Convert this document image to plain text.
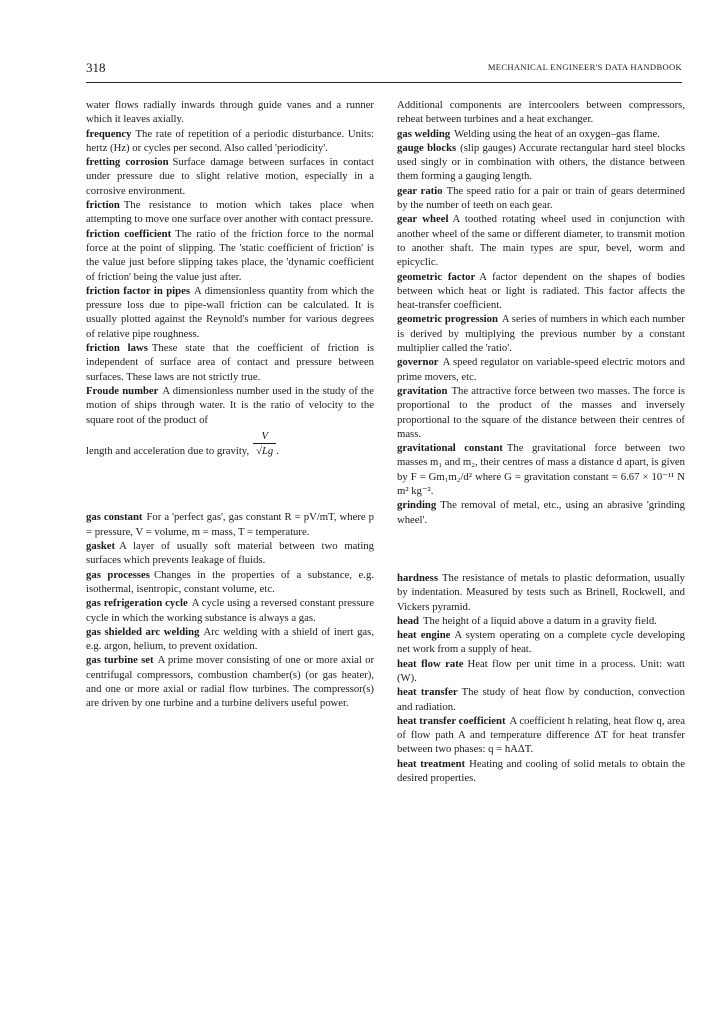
318	MECHANICAL ENGINEER'S DATA HANDBOOK

water flows radially inwards through guide vanes and a runner which it leaves axially.

frequency The rate of repetition of a periodic disturbance. Units: hertz (Hz) or cycles per second. Also called 'periodicity'.

fretting corrosion Surface damage between surfaces in contact under pressure due to slight relative motion, especially in a corrosive environment.

friction The resistance to motion which takes place when attempting to move one surface over another with contact pressure.

friction coefficient The ratio of the friction force to the normal force at the point of slipping. The 'static coefficient of friction' is the value just before slipping takes place, the 'dynamic coefficient of friction' being the value just after.

friction factor in pipes A dimensionless quantity from which the pressure loss due to pipe-wall friction can be calculated. It is usually plotted against the Reynold's number for various degrees of relative pipe roughness.

friction laws These state that the coefficient of friction is independent of surface area of contact and pressure between surfaces. These laws are not strictly true.

Froude number A dimensionless number used in the study of the motion of ships through water. It is the ratio of velocity to the square root of the product of

length and acceleration due to gravity, $\frac{V}{√Lg}$ .

gas constant For a 'perfect gas', gas constant R = pV/mT, where p = pressure, V = volume, m = mass, T = temperature.

gasket A layer of usually soft material between two mating surfaces which prevents leakage of fluids.

gas processes Changes in the properties of a substance, e.g. isothermal, isentropic, constant volume, etc.

gas refrigeration cycle A cycle using a reversed constant pressure cycle in which the working substance is always a gas.

gas shielded arc welding Arc welding with a shield of inert gas, e.g. argon, helium, to prevent oxidation.

gas turbine set A prime mover consisting of one or more axial or centrifugal compressors, combustion chamber(s) (or gas heater), and one or more axial or radial flow turbines. The compressor(s) are driven by one turbine and a turbine delivers useful power.

Additional components are intercoolers between compressors, reheat between turbines and a heat exchanger.

gas welding Welding using the heat of an oxygen–gas flame.

gauge blocks (slip gauges) Accurate rectangular hard steel blocks used singly or in combination with others, the distance between them forming a gauging length.

gear ratio The speed ratio for a pair or train of gears determined by the number of teeth on each gear.

gear wheel A toothed rotating wheel used in conjunction with another wheel of the same or different diameter, to transmit motion to another shaft. The main types are spur, bevel, worm and epicyclic.

geometric factor A factor dependent on the shapes of bodies between which heat or light is radiated. This factor affects the heat-transfer coefficient.

geometric progression A series of numbers in which each number is derived by multiplying the previous number by a constant multiplier called the 'ratio'.

governor A speed regulator on variable-speed electric motors and prime movers, etc.

gravitation The attractive force between two masses. The force is proportional to the product of the masses and inversely proportional to the square of the distance between their centres of mass.

gravitational constant The gravitational force between two masses m₁ and m₂, their centres of mass a distance d apart, is given by F = Gm₁m₂/d² where G = gravitation constant = 6.67 × 10⁻¹¹ N m² kg⁻².

grinding The removal of metal, etc., using an abrasive 'grinding wheel'.

hardness The resistance of metals to plastic deformation, usually by indentation. Measured by tests such as Brinell, Rockwell, and Vickers pyramid.

head The height of a liquid above a datum in a gravity field.

heat engine A system operating on a complete cycle developing net work from a supply of heat.

heat flow rate Heat flow per unit time in a process. Unit: watt (W).

heat transfer The study of heat flow by conduction, convection and radiation.

heat transfer coefficient A coefficient h relating, heat flow q, area of flow path A and temperature difference ΔT for heat transfer between two phases: q = hAΔT.

heat treatment Heating and cooling of solid metals to obtain the desired properties.
